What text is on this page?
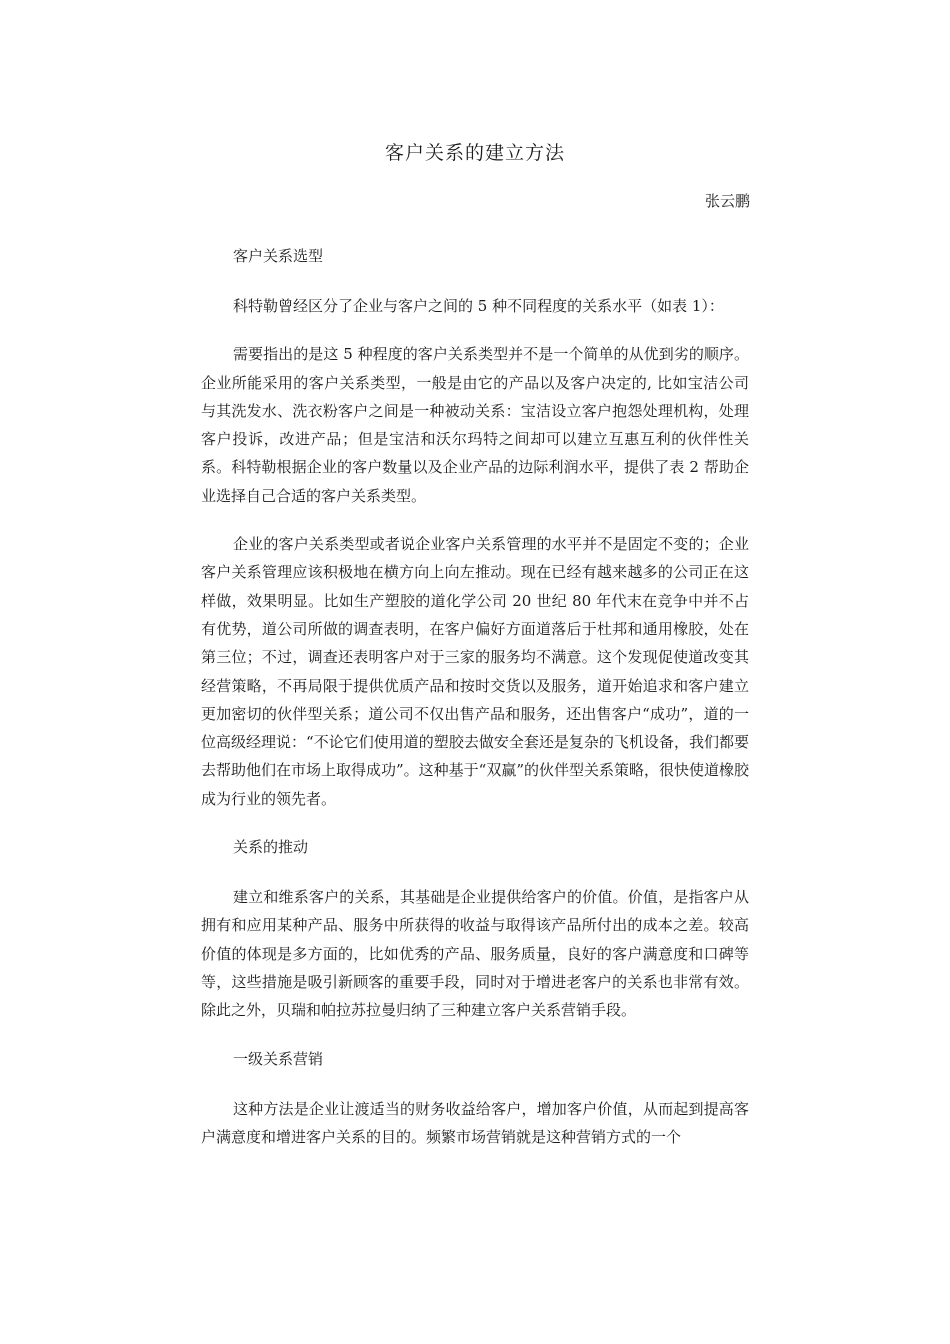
客户关系的建立方法
张云鹏
客户关系选型
科特勒曾经区分了企业与客户之间的 5 种不同程度的关系水平（如表 1）：
需要指出的是这 5 种程度的客户关系类型并不是一个简单的从优到劣的顺序。企业所能采用的客户关系类型，一般是由它的产品以及客户决定的, 比如宝洁公司与其洗发水、洗衣粉客户之间是一种被动关系：宝洁设立客户抱怨处理机构，处理客户投诉，改进产品；但是宝洁和沃尔玛特之间却可以建立互惠互利的伙伴性关系。科特勒根据企业的客户数量以及企业产品的边际利润水平，提供了表 2 帮助企业选择自己合适的客户关系类型。
企业的客户关系类型或者说企业客户关系管理的水平并不是固定不变的；企业客户关系管理应该积极地在横方向上向左推动。现在已经有越来越多的公司正在这样做，效果明显。比如生产塑胶的道化学公司 20 世纪 80 年代末在竞争中并不占有优势，道公司所做的调查表明，在客户偏好方面道落后于杜邦和通用橡胶，处在第三位；不过，调查还表明客户对于三家的服务均不满意。这个发现促使道改变其经营策略，不再局限于提供优质产品和按时交货以及服务，道开始追求和客户建立更加密切的伙伴型关系；道公司不仅出售产品和服务，还出售客户“成功”，道的一位高级经理说：“不论它们使用道的塑胶去做安全套还是复杂的飞机设备，我们都要去帮助他们在市场上取得成功”。这种基于“双赢”的伙伴型关系策略，很快使道橡胶成为行业的领先者。
关系的推动
建立和维系客户的关系，其基础是企业提供给客户的价值。价值，是指客户从拥有和应用某种产品、服务中所获得的收益与取得该产品所付出的成本之差。较高价值的体现是多方面的，比如优秀的产品、服务质量，良好的客户满意度和口碑等等，这些措施是吸引新顾客的重要手段，同时对于增进老客户的关系也非常有效。除此之外，贝瑞和帕拉苏拉曼归纳了三种建立客户关系营销手段。
一级关系营销
这种方法是企业让渡适当的财务收益给客户，增加客户价值，从而起到提高客户满意度和增进客户关系的目的。频繁市场营销就是这种营销方式的一个
